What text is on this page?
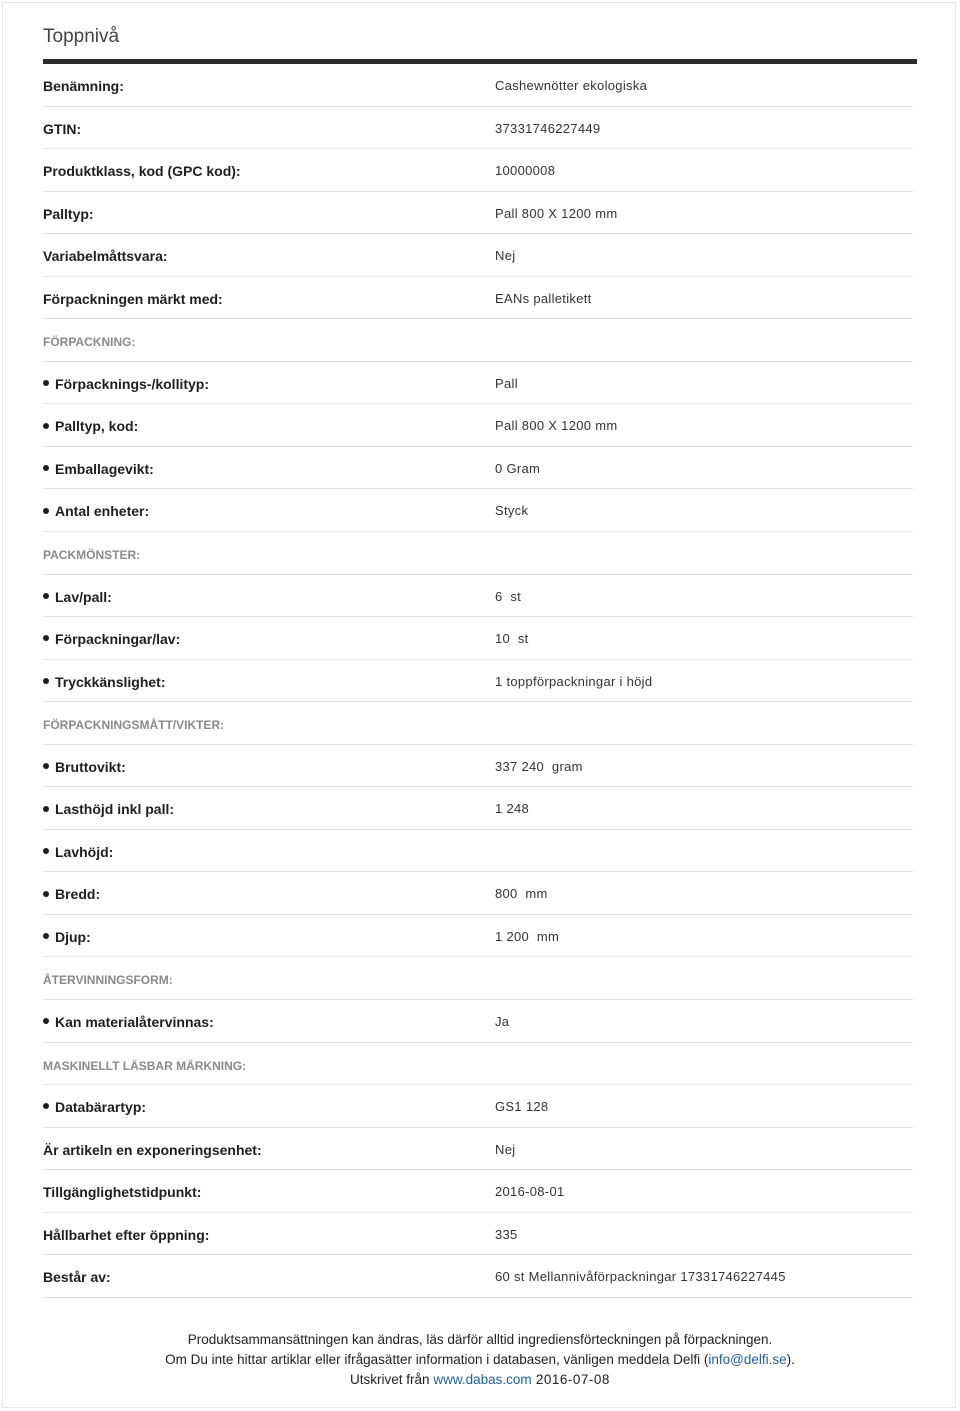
Toppnivå
Benämning:	Cashewnötter ekologiska
GTIN:	37331746227449
Produktklass, kod (GPC kod):	10000008
Palltyp:	Pall 800 X 1200 mm
Variabelmåttsvara:	Nej
Förpackningen märkt med:	EANs palletikett
FÖRPACKNING:
Förpacknings-/kollityp:	Pall
Palltyp, kod:	Pall 800 X 1200 mm
Emballagevikt:	0 Gram
Antal enheter:	Styck
PACKMÖNSTER:
Lav/pall:	6  st
Förpackningar/lav:	10  st
Tryckkänslighet:	1 toppförpackningar i höjd
FÖRPACKNINGSMÅTT/VIKTER:
Bruttovikt:	337 240  gram
Lasthöjd inkl pall:	1 248
Lavhöjd:
Bredd:	800  mm
Djup:	1 200  mm
ÅTERVINNINGSFORM:
Kan materialåtervinnas:	Ja
MASKINELLT LÄSBAR MÄRKNING:
Databärartyp:	GS1 128
Är artikeln en exponeringsenhet:	Nej
Tillgänglighetstidpunkt:	2016-08-01
Hållbarhet efter öppning:	335
Består av:	60 st Mellannivåförpackningar 17331746227445
Produktsammansättningen kan ändras, läs därför alltid ingrediensförteckningen på förpackningen.
Om Du inte hittar artiklar eller ifrågasätter information i databasen, vänligen meddela Delfi (info@delfi.se).
Utskrivet från www.dabas.com 2016-07-08
